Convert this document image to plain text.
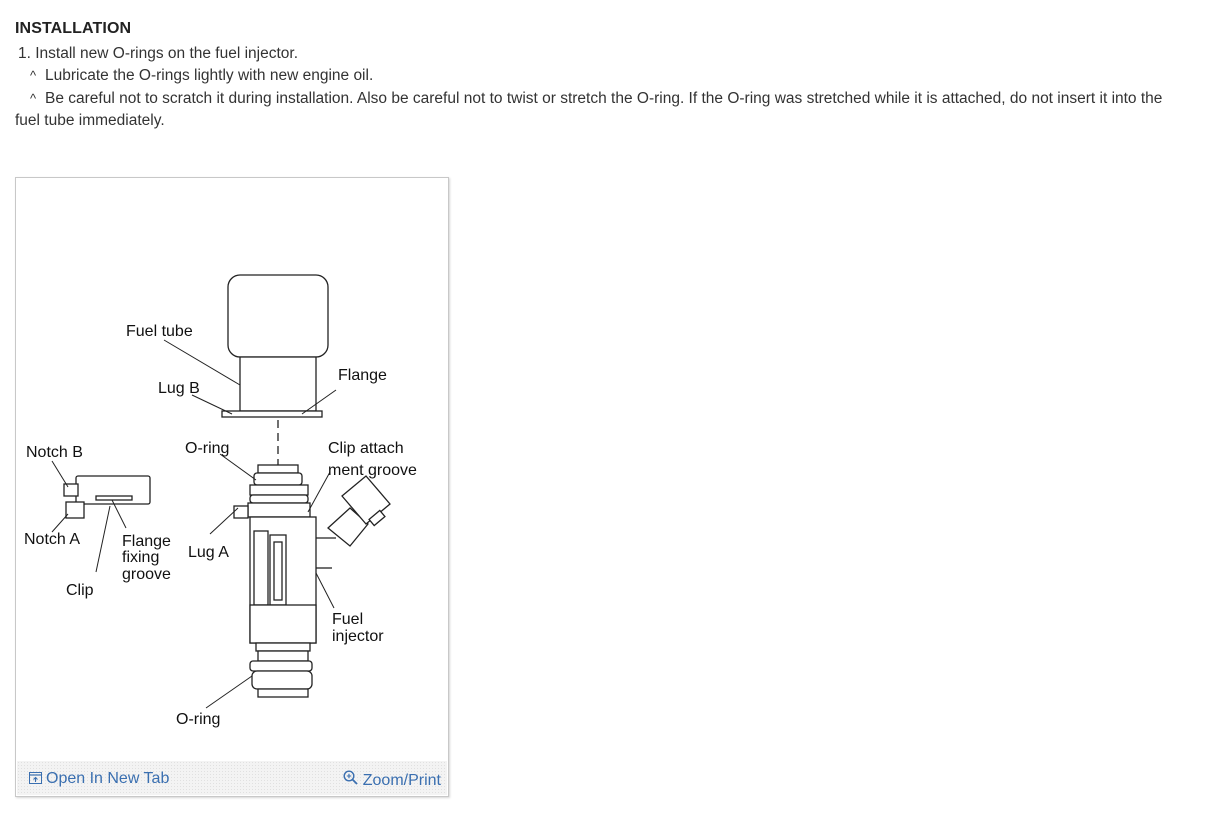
INSTALLATION
1. Install new O-rings on the fuel injector.
^ Lubricate the O-rings lightly with new engine oil.
^ Be careful not to scratch it during installation. Also be careful not to twist or stretch the O-ring. If the O-ring was stretched while it is attached, do not insert it into the
fuel tube immediately.
Fuel tube
Lug B
Flange
Notch B	O-ring	Clip attach
ment groove
Notch A	Flange
fixing
groove
Lug A
Clip
Fuel
injector
O-ring
Open In New Tab	Zoom/Print
